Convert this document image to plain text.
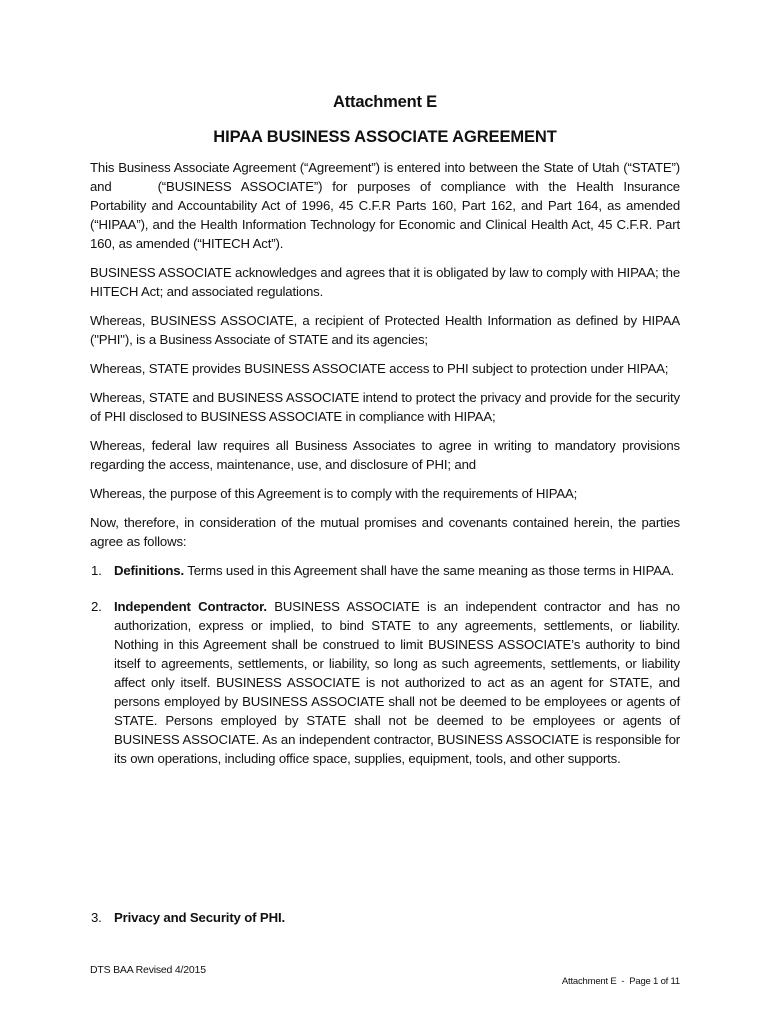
Attachment E
HIPAA BUSINESS ASSOCIATE AGREEMENT

This Business Associate Agreement (“Agreement”) is entered into between the State of Utah (“STATE”) and	(“BUSINESS ASSOCIATE”) for purposes of compliance with the Health Insurance Portability and Accountability Act of 1996, 45 C.F.R Parts 160, Part 162, and Part 164, as amended (“HIPAA”), and the Health Information Technology for Economic and Clinical Health Act, 45 C.F.R. Part 160, as amended (“HITECH Act”).

BUSINESS ASSOCIATE acknowledges and agrees that it is obligated by law to comply with HIPAA; the HITECH Act; and associated regulations.

Whereas, BUSINESS ASSOCIATE, a recipient of Protected Health Information as defined by HIPAA ("PHI"), is a Business Associate of STATE and its agencies;

Whereas, STATE provides BUSINESS ASSOCIATE access to PHI subject to protection under HIPAA;

Whereas, STATE and BUSINESS ASSOCIATE intend to protect the privacy and provide for the security of PHI disclosed to BUSINESS ASSOCIATE in compliance with HIPAA;

Whereas, federal law requires all Business Associates to agree in writing to mandatory provisions regarding the access, maintenance, use, and disclosure of PHI; and

Whereas, the purpose of this Agreement is to comply with the requirements of HIPAA;

Now, therefore, in consideration of the mutual promises and covenants contained herein, the parties agree as follows:

1. Definitions. Terms used in this Agreement shall have the same meaning as those terms in HIPAA.
2. Independent Contractor. BUSINESS ASSOCIATE is an independent contractor and has no authorization, express or implied, to bind STATE to any agreements, settlements, or liability. Nothing in this Agreement shall be construed to limit BUSINESS ASSOCIATE’s authority to bind itself to agreements, settlements, or liability, so long as such agreements, settlements, or liability affect only itself. BUSINESS ASSOCIATE is not authorized to act as an agent for STATE, and persons employed by BUSINESS ASSOCIATE shall not be deemed to be employees or agents of STATE. Persons employed by STATE shall not be deemed to be employees or agents of BUSINESS ASSOCIATE. As an independent contractor, BUSINESS ASSOCIATE is responsible for its own operations, including office space, supplies, equipment, tools, and other supports.
3. Privacy and Security of PHI.
DTS BAA Revised 4/2015
Attachment E  -  Page 1 of 11
